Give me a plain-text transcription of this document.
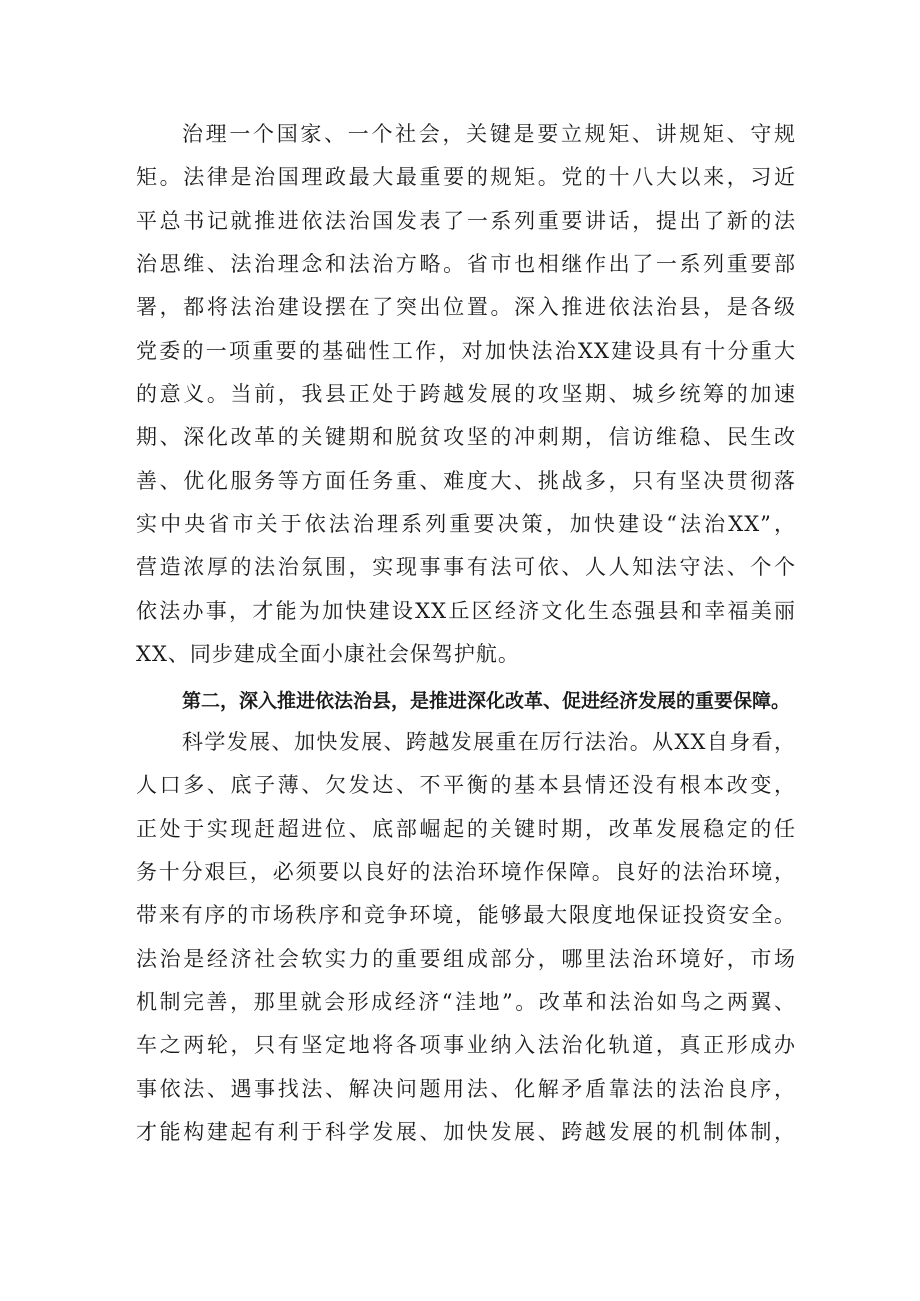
治理一个国家、一个社会，关键是要立规矩、讲规矩、守规
矩。法律是治国理政最大最重要的规矩。党的十八大以来，习近
平总书记就推进依法治国发表了一系列重要讲话，提出了新的法
治思维、法治理念和法治方略。省市也相继作出了一系列重要部
署，都将法治建设摆在了突出位置。深入推进依法治县，是各级
党委的一项重要的基础性工作，对加快法治XX建设具有十分重大
的意义。当前，我县正处于跨越发展的攻坚期、城乡统筹的加速
期、深化改革的关键期和脱贫攻坚的冲刺期，信访维稳、民生改
善、优化服务等方面任务重、难度大、挑战多，只有坚决贯彻落
实中央省市关于依法治理系列重要决策，加快建设“法治XX”，
营造浓厚的法治氛围，实现事事有法可依、人人知法守法、个个
依法办事，才能为加快建设XX丘区经济文化生态强县和幸福美丽
XX、同步建成全面小康社会保驾护航。
第二，深入推进依法治县，是推进深化改革、促进经济发展的重要保障。
科学发展、加快发展、跨越发展重在厉行法治。从XX自身看，
人口多、底子薄、欠发达、不平衡的基本县情还没有根本改变，
正处于实现赶超进位、底部崛起的关键时期，改革发展稳定的任
务十分艰巨，必须要以良好的法治环境作保障。良好的法治环境，
带来有序的市场秩序和竞争环境，能够最大限度地保证投资安全。
法治是经济社会软实力的重要组成部分，哪里法治环境好，市场
机制完善，那里就会形成经济“洼地”。改革和法治如鸟之两翼、
车之两轮，只有坚定地将各项事业纳入法治化轨道，真正形成办
事依法、遇事找法、解决问题用法、化解矛盾靠法的法治良序，
才能构建起有利于科学发展、加快发展、跨越发展的机制体制，
